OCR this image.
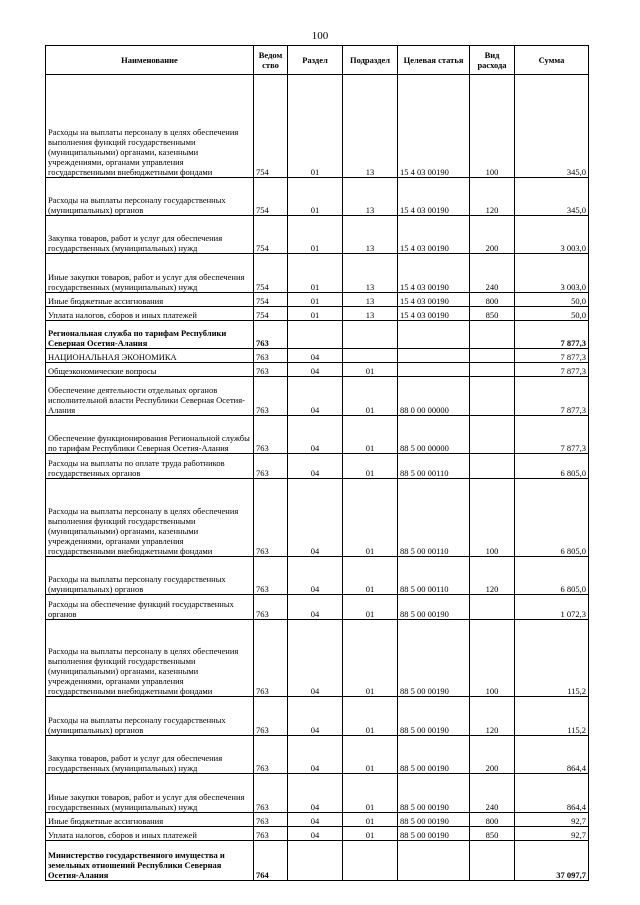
100
Наименование	Ведом ство	Раздел	Подраздел	Целевая статья	Вид расхода	Сумма
Расходы на выплаты персоналу в целях обеспечения выполнения функций государственными (муниципальными) органами, казенными учреждениями, органами управления государственными внебюджетными фондами	754	01	13	15 4 03 00190	100	345,0
Расходы на выплаты персоналу государственных (муниципальных) органов	754	01	13	15 4 03 00190	120	345,0
Закупка товаров, работ и услуг для обеспечения государственных (муниципальных) нужд	754	01	13	15 4 03 00190	200	3 003,0
Иные закупки товаров, работ и услуг для обеспечения государственных (муниципальных) нужд	754	01	13	15 4 03 00190	240	3 003,0
Иные бюджетные ассигнования	754	01	13	15 4 03 00190	800	50,0
Уплата налогов, сборов и иных платежей	754	01	13	15 4 03 00190	850	50,0
Региональная служба по тарифам Республики Северная Осетия-Алания	763					7 877,3
НАЦИОНАЛЬНАЯ ЭКОНОМИКА	763	04				7 877,3
Общеэкономические вопросы	763	04	01			7 877,3
Обеспечение деятельности отдельных органов исполнительной власти Республики Северная Осетия-Алания	763	04	01	88 0 00 00000		7 877,3
Обеспечение функционирования Региональной службы по тарифам Республики Северная Осетия-Алания	763	04	01	88 5 00 00000		7 877,3
Расходы на выплаты по оплате труда работников государственных органов	763	04	01	88 5 00 00110		6 805,0
Расходы на выплаты персоналу в целях обеспечения выполнения функций государственными (муниципальными) органами, казенными учреждениями, органами управления государственными внебюджетными фондами	763	04	01	88 5 00 00110	100	6 805,0
Расходы на выплаты персоналу государственных (муниципальных) органов	763	04	01	88 5 00 00110	120	6 805,0
Расходы на обеспечение функций государственных органов	763	04	01	88 5 00 00190		1 072,3
Расходы на выплаты персоналу в целях обеспечения выполнения функций государственными (муниципальными) органами, казенными учреждениями, органами управления государственными внебюджетными фондами	763	04	01	88 5 00 00190	100	115,2
Расходы на выплаты персоналу государственных (муниципальных) органов	763	04	01	88 5 00 00190	120	115,2
Закупка товаров, работ и услуг для обеспечения государственных (муниципальных) нужд	763	04	01	88 5 00 00190	200	864,4
Иные закупки товаров, работ и услуг для обеспечения государственных (муниципальных) нужд	763	04	01	88 5 00 00190	240	864,4
Иные бюджетные ассигнования	763	04	01	88 5 00 00190	800	92,7
Уплата налогов, сборов и иных платежей	763	04	01	88 5 00 00190	850	92,7
Министерство государственного имущества и земельных отношений Республики Северная Осетия-Алания	764					37 097,7
